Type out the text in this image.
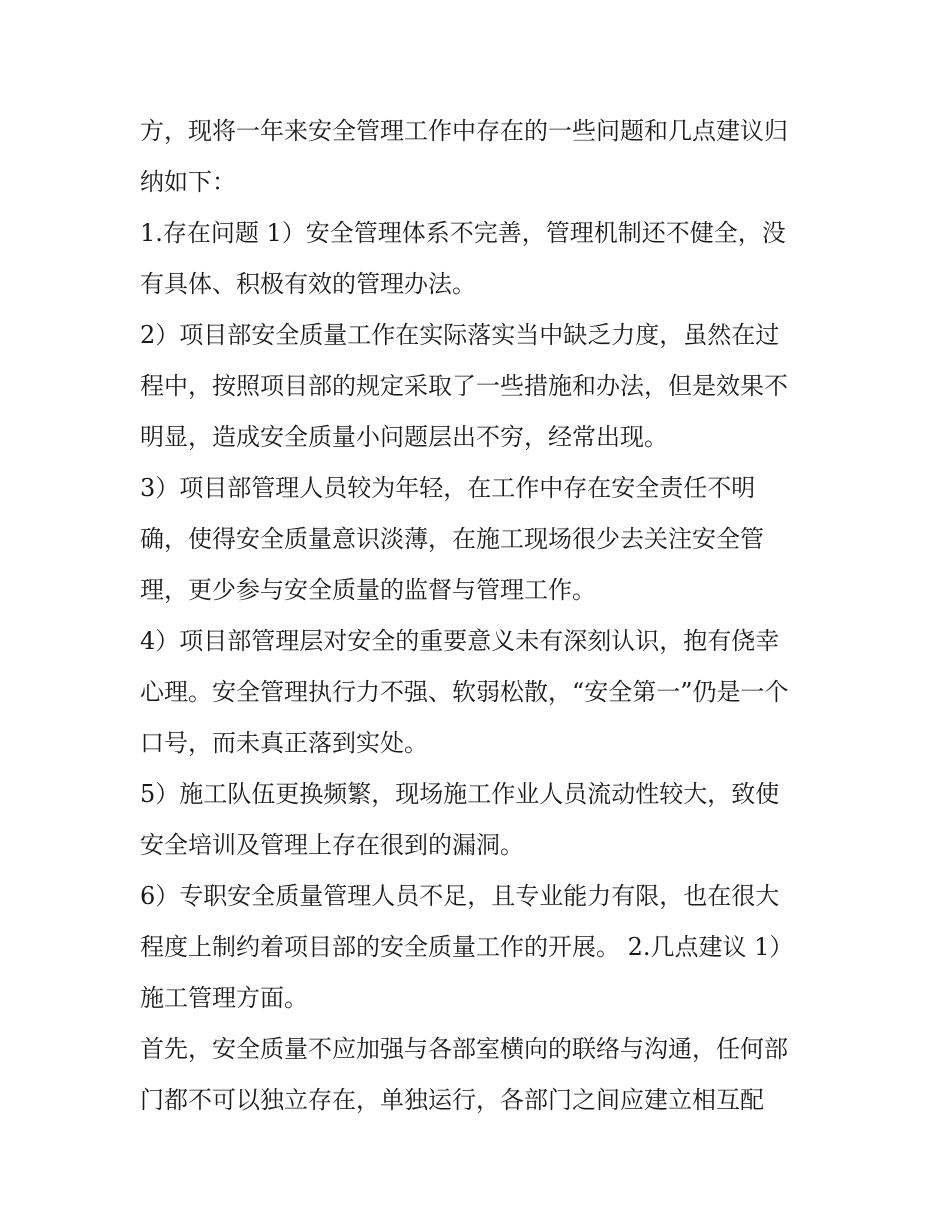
方，现将一年来安全管理工作中存在的一些问题和几点建议归
纳如下：
1.存在问题 1）安全管理体系不完善，管理机制还不健全，没
有具体、积极有效的管理办法。
2）项目部安全质量工作在实际落实当中缺乏力度，虽然在过
程中，按照项目部的规定采取了一些措施和办法，但是效果不
明显，造成安全质量小问题层出不穷，经常出现。
3）项目部管理人员较为年轻，在工作中存在安全责任不明
确，使得安全质量意识淡薄，在施工现场很少去关注安全管
理，更少参与安全质量的监督与管理工作。
4）项目部管理层对安全的重要意义未有深刻认识，抱有侥幸
心理。安全管理执行力不强、软弱松散，“安全第一”仍是一个
口号，而未真正落到实处。
5）施工队伍更换频繁，现场施工作业人员流动性较大，致使
安全培训及管理上存在很到的漏洞。
6）专职安全质量管理人员不足，且专业能力有限，也在很大
程度上制约着项目部的安全质量工作的开展。 2.几点建议 1）
施工管理方面。
首先，安全质量不应加强与各部室横向的联络与沟通，任何部
门都不可以独立存在，单独运行，各部门之间应建立相互配
